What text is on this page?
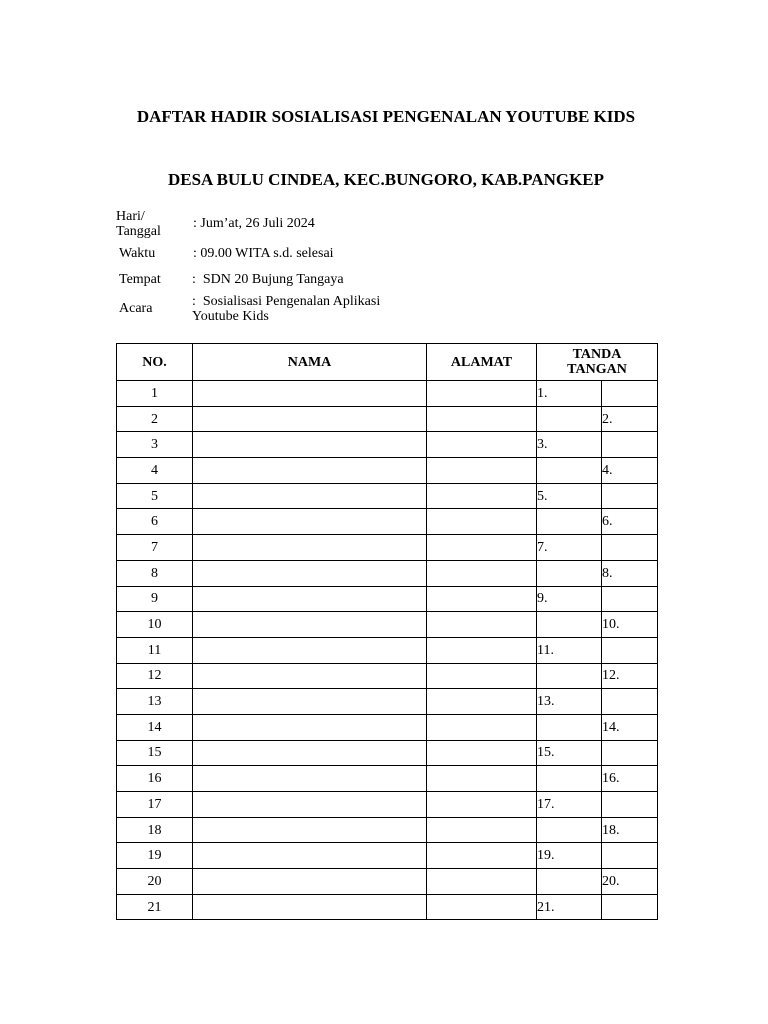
DAFTAR HADIR SOSIALISASI PENGENALAN YOUTUBE KIDS
DESA BULU CINDEA, KEC.BUNGORO, KAB.PANGKEP
Hari/ Tanggal
: Jum’at, 26 Juli 2024
Waktu	: 09.00 WITA s.d. selesai
Tempat :  SDN 20 Bujung Tangaya
Acara	:  Sosialisasi Pengenalan Aplikasi Youtube Kids
NO.	NAMA	ALAMAT	TANDA TANGAN	
1			1.	
2				2.
3			3.	
4				4.
5			5.	
6				6.
7			7.	
8				8.
9			9.	
10				10.
11			11.	
12				12.
13			13.	
14				14.
15			15.	
16				16.
17			17.	
18				18.
19			19.	
20				20.
21			21.	
